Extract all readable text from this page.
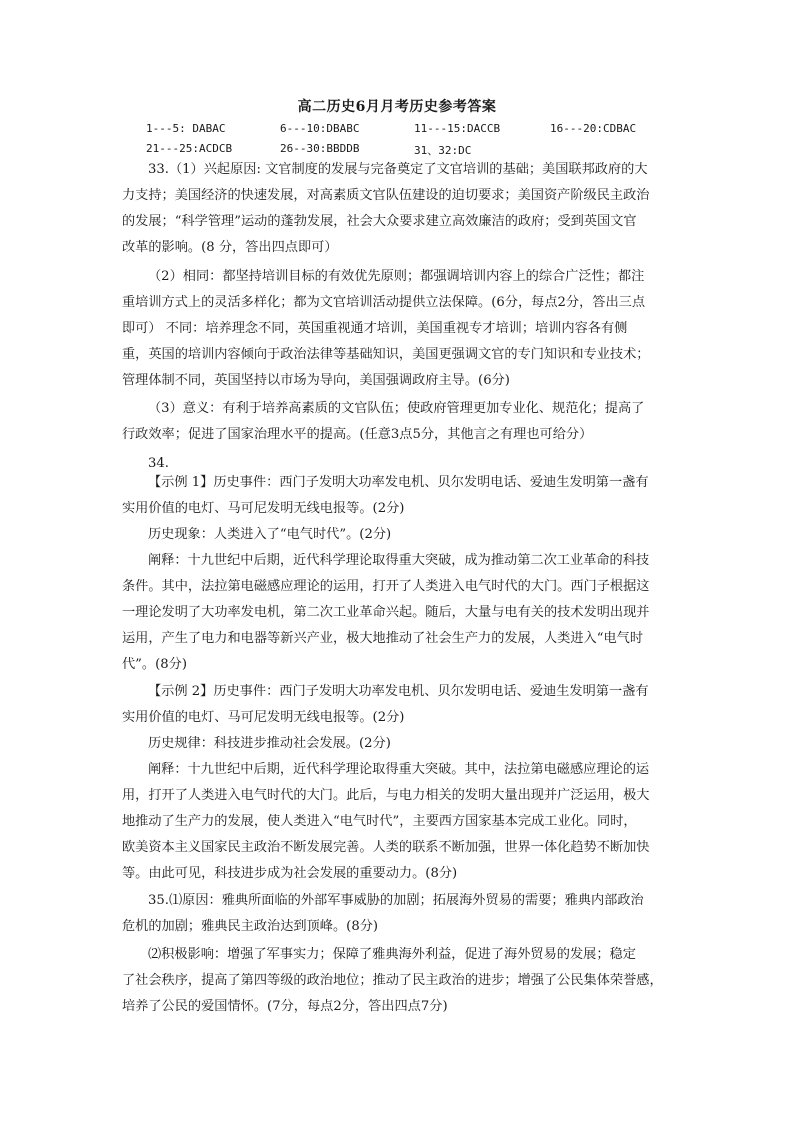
高二历史6月月考历史参考答案
1---5: DABAC	6---10:DBABC	11---15:DACCB	16---20:CDBAC
21---25:ACDCB	26--30:BBDDB	31、32:DC
33.（1）兴起原因: 文官制度的发展与完备奠定了文官培训的基础；美国联邦政府的大
力支持；美国经济的快速发展，对高素质文官队伍建设的迫切要求；美国资产阶级民主政治
的发展；“科学管理”运动的蓬勃发展，社会大众要求建立高效廉洁的政府；受到英国文官
改革的影响。(8 分，答出四点即可）
（2）相同：都坚持培训目标的有效优先原则；都强调培训内容上的综合广泛性；都注
重培训方式上的灵活多样化；都为文官培训活动提供立法保障。(6分，每点2分，答出三点
即可） 不同：培养理念不同，英国重视通才培训，美国重视专才培训；培训内容各有侧
重，英国的培训内容倾向于政治法律等基础知识，美国更强调文官的专门知识和专业技术；
管理体制不同，英国坚持以市场为导向，美国强调政府主导。(6分)
（3）意义：有利于培养高素质的文官队伍；使政府管理更加专业化、规范化；提高了
行政效率；促进了国家治理水平的提高。(任意3点5分，其他言之有理也可给分）
34.
【示例 1】历史事件：西门子发明大功率发电机、贝尔发明电话、爱迪生发明第一盏有
实用价值的电灯、马可尼发明无线电报等。(2分)
历史现象：人类进入了“电气时代”。(2分)
阐释：十九世纪中后期，近代科学理论取得重大突破，成为推动第二次工业革命的科技
条件。其中，法拉第电磁感应理论的运用，打开了人类进入电气时代的大门。西门子根据这
一理论发明了大功率发电机，第二次工业革命兴起。随后，大量与电有关的技术发明出现并
运用，产生了电力和电器等新兴产业，极大地推动了社会生产力的发展，人类进入“电气时
代”。(8分)
【示例 2】历史事件：西门子发明大功率发电机、贝尔发明电话、爱迪生发明第一盏有
实用价值的电灯、马可尼发明无线电报等。(2分)
历史规律：科技进步推动社会发展。(2分)
阐释：十九世纪中后期，近代科学理论取得重大突破。其中，法拉第电磁感应理论的运
用，打开了人类进入电气时代的大门。此后，与电力相关的发明大量出现并广泛运用，极大
地推动了生产力的发展，使人类进入“电气时代”，主要西方国家基本完成工业化。同时，
欧美资本主义国家民主政治不断发展完善。人类的联系不断加强，世界一体化趋势不断加快
等。由此可见，科技进步成为社会发展的重要动力。(8分)
35.⑴原因：雅典所面临的外部军事威胁的加剧；拓展海外贸易的需要；雅典内部政治
危机的加剧；雅典民主政治达到顶峰。(8分)
⑵积极影响：增强了军事实力；保障了雅典海外利益，促进了海外贸易的发展；稳定
了社会秩序，提高了第四等级的政治地位；推动了民主政治的进步；增强了公民集体荣誉感，
培养了公民的爱国情怀。(7分，每点2分，答出四点7分)
